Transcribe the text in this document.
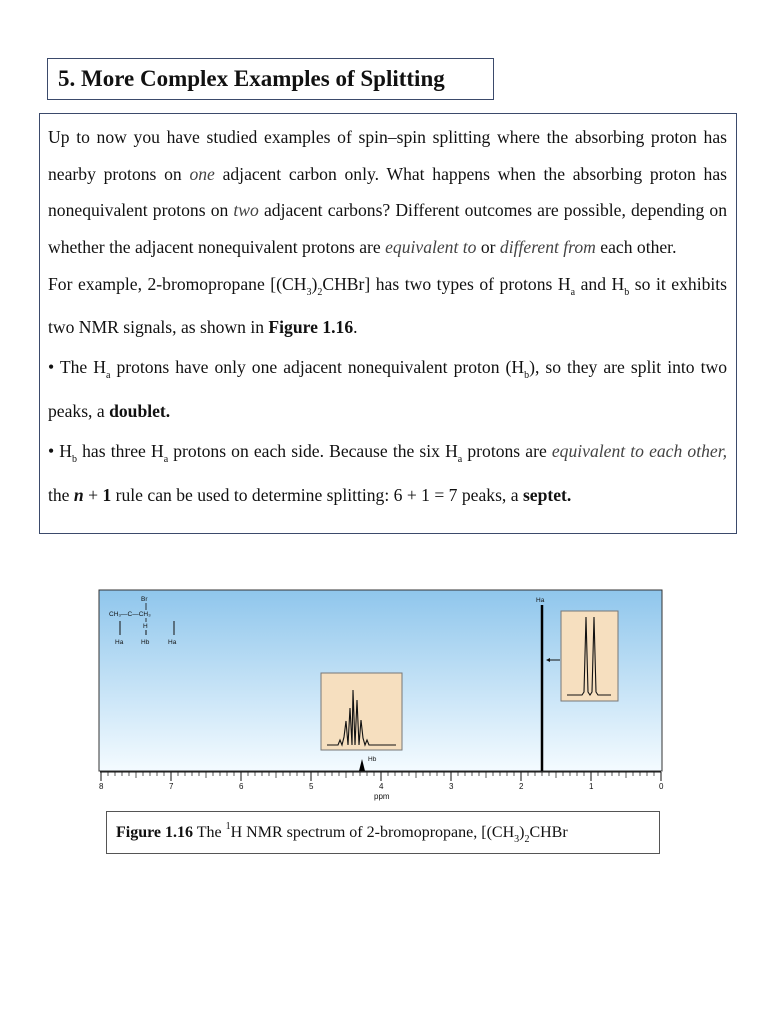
5. More Complex Examples of Splitting

Up to now you have studied examples of spin–spin splitting where the absorbing proton has nearby protons on one adjacent carbon only. What happens when the absorbing proton has nonequivalent protons on two adjacent carbons? Different outcomes are possible, depending on whether the adjacent nonequivalent protons are equivalent to or different from each other.

For example, 2-bromopropane $[(CH_3)_2CHBr]$ has two types of protons $H_a$ and $H_b$ so it exhibits two NMR signals, as shown in Figure 1.16.

• The $H_a$ protons have only one adjacent nonequivalent proton $(H_b)$, so they are split into two peaks, a doublet.

• $H_b$ has three $H_a$ protons on each side. Because the six $H_a$ protons are equivalent to each other, the n + 1 rule can be used to determine splitting: 6 + 1 = 7 peaks, a septet.

Br
CH₃—C—CH₃
H
Ha	Hb	Ha
Ha
Hb
8	7	6	5	4	3	2	1	0
ppm
Figure 1.16 The $^1$H NMR spectrum of 2-bromopropane, [$(CH_3)_2CHBr$
